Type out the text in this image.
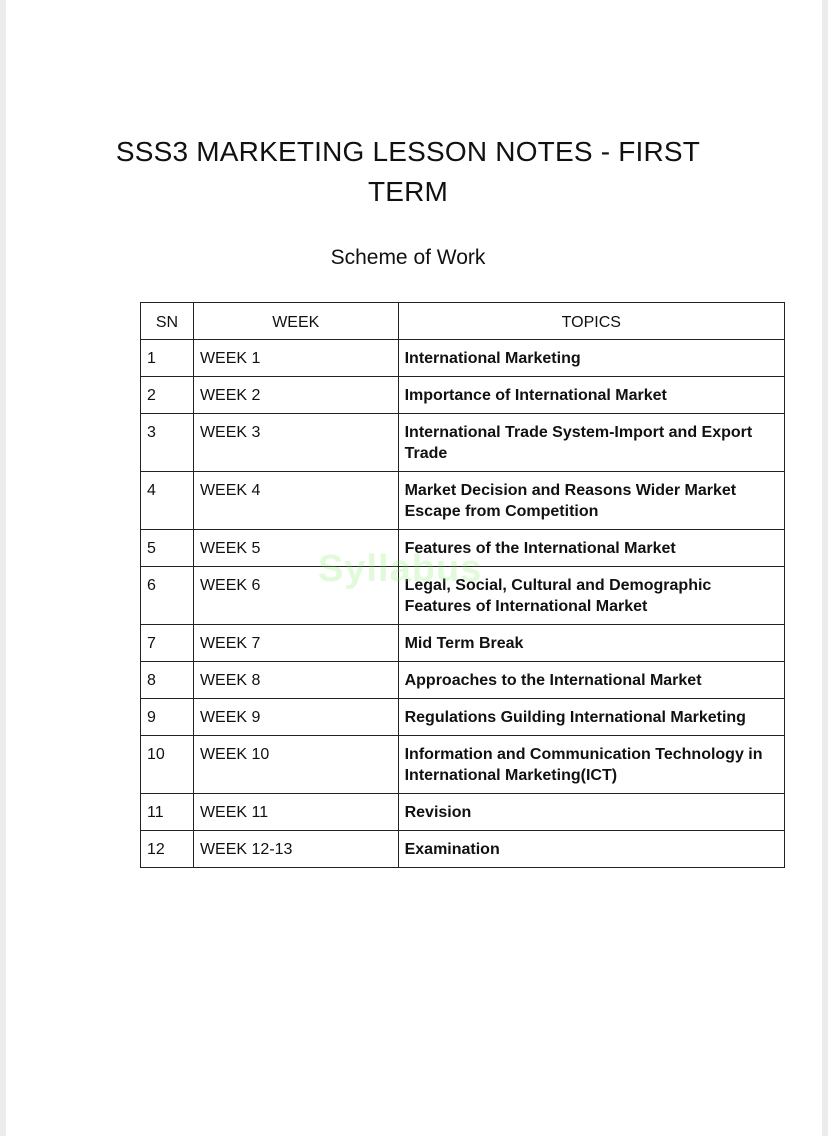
SSS3 MARKETING LESSON NOTES - FIRST
TERM
Scheme of Work
SN	WEEK	TOPICS
1	WEEK 1	International Marketing
2	WEEK 2	Importance of International Market
3	WEEK 3	International Trade System-Import and Export Trade
4	WEEK 4	Market Decision and Reasons Wider Market Escape from Competition
5	WEEK 5	Features of the International Market
6	WEEK 6	Legal, Social, Cultural and Demographic Features of International Market
7	WEEK 7	Mid Term Break
8	WEEK 8	Approaches to the International Market
9	WEEK 9	Regulations Guilding International Marketing
10	WEEK 10	Information and Communication Technology in International Marketing(ICT)
11	WEEK 11	Revision
12	WEEK 12-13	Examination
Syllabus
